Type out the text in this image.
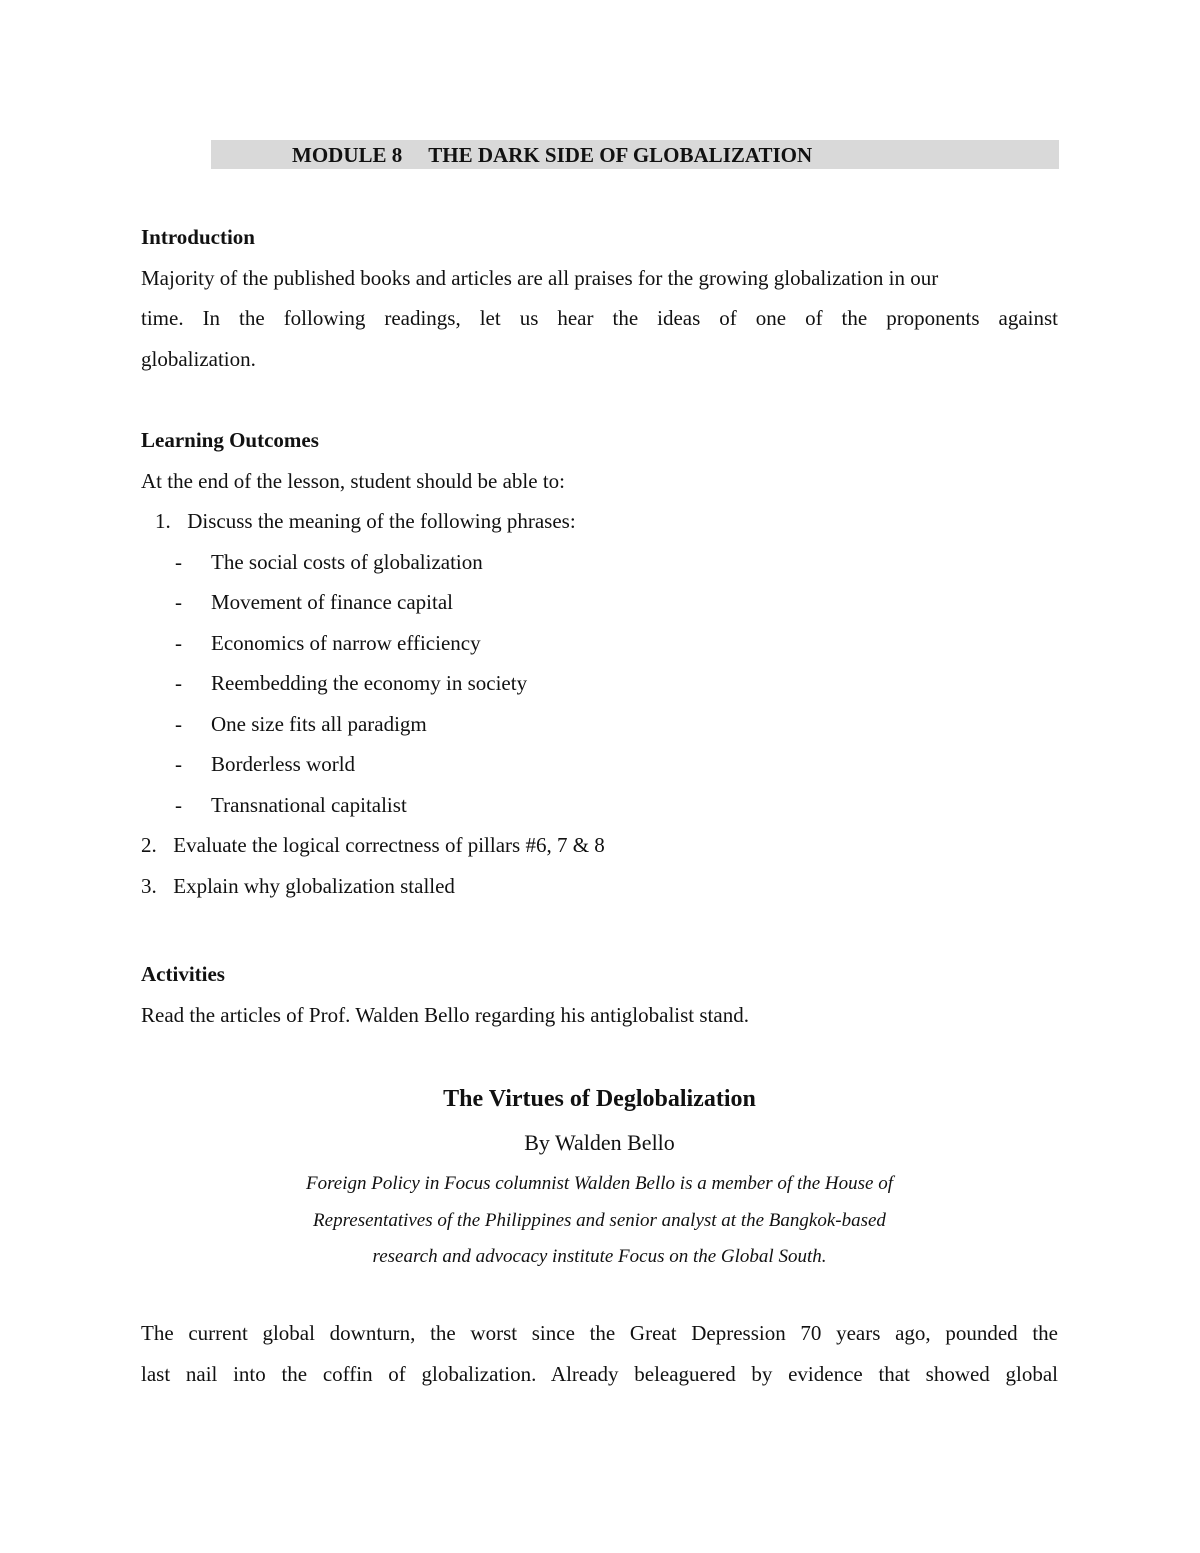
MODULE 8 THE DARK SIDE OF GLOBALIZATION
Introduction
Majority of the published books and articles are all praises for the growing globalization in our
time. In the following readings, let us hear the ideas of one of the proponents against
globalization.
Learning Outcomes
At the end of the lesson, student should be able to:
1. Discuss the meaning of the following phrases:
- The social costs of globalization
- Movement of finance capital
- Economics of narrow efficiency
- Reembedding the economy in society
- One size fits all paradigm
- Borderless world
- Transnational capitalist
2. Evaluate the logical correctness of pillars #6, 7 & 8
3. Explain why globalization stalled
Activities
Read the articles of Prof. Walden Bello regarding his antiglobalist stand.
The Virtues of Deglobalization
By Walden Bello
Foreign Policy in Focus columnist Walden Bello is a member of the House of
Representatives of the Philippines and senior analyst at the Bangkok-based
research and advocacy institute Focus on the Global South.
The current global downturn, the worst since the Great Depression 70 years ago, pounded the
last nail into the coffin of globalization. Already beleaguered by evidence that showed global
